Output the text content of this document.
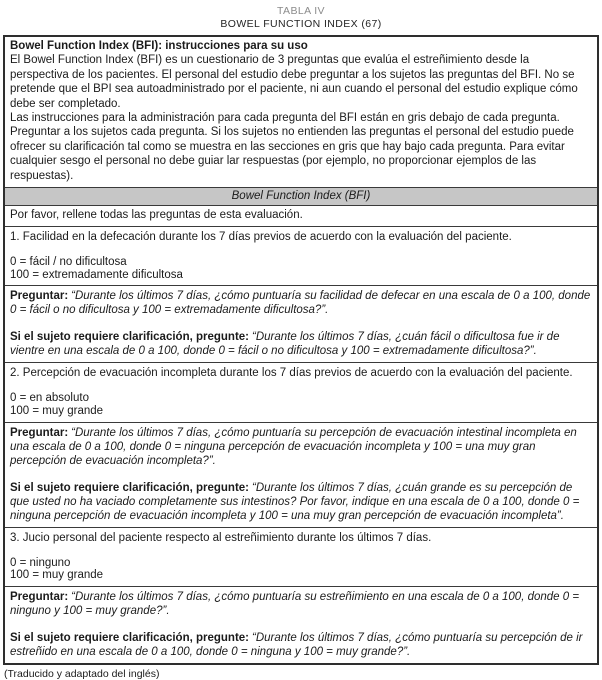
TABLA IV
BOWEL FUNCTION INDEX (67)
Bowel Function Index (BFI): instrucciones para su uso
El Bowel Function Index (BFI) es un cuestionario de 3 preguntas que evalúa el estreñimiento desde la perspectiva de los pacientes. El personal del estudio debe preguntar a los sujetos las preguntas del BFI. No se pretende que el BPI sea autoadministrado por el paciente, ni aun cuando el personal del estudio explique cómo debe ser completado.
Las instrucciones para la administración para cada pregunta del BFI están en gris debajo de cada pregunta. Preguntar a los sujetos cada pregunta. Si los sujetos no entienden las preguntas el personal del estudio puede ofrecer su clarificación tal como se muestra en las secciones en gris que hay bajo cada pregunta. Para evitar cualquier sesgo el personal no debe guiar lar respuestas (por ejemplo, no proporcionar ejemplos de las respuestas).
Bowel Function Index (BFI)
Por favor, rellene todas las preguntas de esta evaluación.
1. Facilidad en la defecación durante los 7 días previos de acuerdo con la evaluación del paciente.
0 = fácil / no dificultosa
100 = extremadamente dificultosa
Preguntar: “Durante los últimos 7 días, ¿cómo puntuaría su facilidad de defecar en una escala de 0 a 100, donde 0 = fácil o no dificultosa y 100 = extremadamente dificultosa?”.
Si el sujeto requiere clarificación, pregunte: “Durante los últimos 7 días, ¿cuán fácil o dificultosa fue ir de vientre en una escala de 0 a 100, donde 0 = fácil o no dificultosa y 100 = extremadamente dificultosa?”.
2. Percepción de evacuación incompleta durante los 7 días previos de acuerdo con la evaluación del paciente.
0 = en absoluto
100 = muy grande
Preguntar: “Durante los últimos 7 días, ¿cómo puntuaría su percepción de evacuación intestinal incompleta en una escala de 0 a 100, donde 0 = ninguna percepción de evacuación incompleta y 100 = una muy gran percepción de evacuación incompleta?”.
Si el sujeto requiere clarificación, pregunte: “Durante los últimos 7 días, ¿cuán grande es su percepción de que usted no ha vaciado completamente sus intestinos? Por favor, indique en una escala de 0 a 100, donde 0 = ninguna percepción de evacuación incompleta y 100 = una muy gran percepción de evacuación incompleta”.
3. Jucio personal del paciente respecto al estreñimiento durante los últimos 7 días.
0 = ninguno
100 = muy grande
Preguntar: “Durante los últimos 7 días, ¿cómo puntuaría su estreñimiento en una escala de 0 a 100, donde 0 = ninguno y 100 = muy grande?”.
Si el sujeto requiere clarificación, pregunte: “Durante los últimos 7 días, ¿cómo puntuaría su percepción de ir estreñido en una escala de 0 a 100, donde 0 = ninguna y 100 = muy grande?”.
(Traducido y adaptado del inglés)
